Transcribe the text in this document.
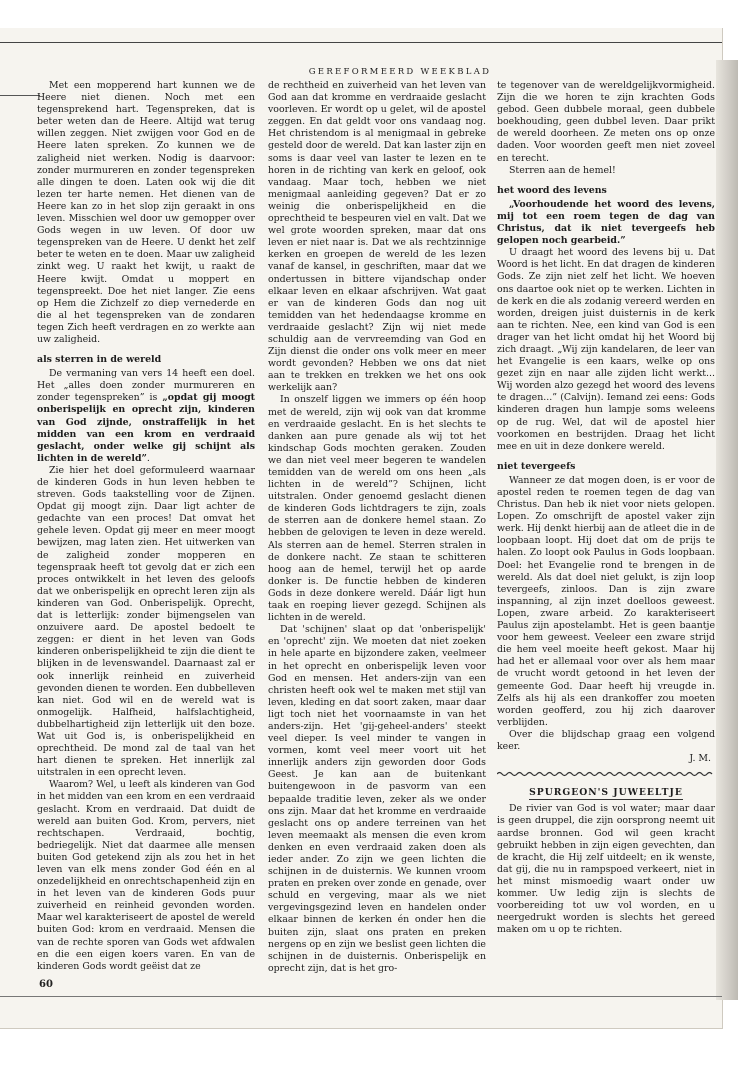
GEREFORMEERD WEEKBLAD

Met een mopperend hart kunnen we de Heere niet dienen. Noch met een tegensprekend hart. Tegenspreken, dat is beter weten dan de Heere. Altijd wat terug willen zeggen. Niet zwijgen voor God en de Heere laten spreken. Zo kunnen we de zaligheid niet werken. Nodig is daarvoor: zonder murmureren en zonder tegenspreken alle dingen te doen. Laten ook wij die dit lezen ter harte nemen. Het dienen van de Heere kan zo in het slop zijn geraakt in ons leven. Misschien wel door uw gemopper over Gods wegen in uw leven. Of door uw tegenspreken van de Heere. U denkt het zelf beter te weten en te doen. Maar uw zaligheid zinkt weg. U raakt het kwijt, u raakt de Heere kwijt. Omdat u moppert en tegenspreekt. Doe het niet langer. Zie eens op Hem die Zichzelf zo diep vernederde en die al het tegenspreken van de zondaren tegen Zich heeft verdragen en zo werkte aan uw zaligheid.

als sterren in de wereld

De vermaning van vers 14 heeft een doel. Het „alles doen zonder murmureren en zonder tegenspreken” is „opdat gij moogt onberispelijk en oprecht zijn, kinderen van God zijnde, onstraffelijk in het midden van een krom en verdraaid geslacht, onder welke gij schijnt als lichten in de wereld”.

Zie hier het doel geformuleerd waarnaar de kinderen Gods in hun leven hebben te streven. Gods taakstelling voor de Zijnen. Opdat gij moogt zijn. Daar ligt achter de gedachte van een proces! Dat omvat het gehele leven. Opdat gij meer en meer moogt bewijzen, mag laten zien. Het uitwerken van de zaligheid zonder mopperen en tegenspraak heeft tot gevolg dat er zich een proces ontwikkelt in het leven des geloofs dat we onberispelijk en oprecht leren zijn als kinderen van God. Onberispelijk. Oprecht, dat is letterlijk: zonder bijmengselen van onzuivere aard. De apostel bedoelt te zeggen: er dient in het leven van Gods kinderen onberispelijkheid te zijn die dient te blijken in de levenswandel. Daarnaast zal er ook innerlijk reinheid en zuiverheid gevonden dienen te worden. Een dubbelleven kan niet. God wil en de wereld wat is onmogelijk. Halfheid, halfslachtigheid, dubbelhartigheid zijn letterlijk uit den boze. Wat uit God is, is onberispelijkheid en oprechtheid. De mond zal de taal van het hart dienen te spreken. Het innerlijk zal uitstralen in een oprecht leven.

Waarom? Wel, u leeft als kinderen van God in het midden van een krom en een verdraaid geslacht. Krom en verdraaid. Dat duidt de wereld aan buiten God. Krom, pervers, niet rechtschapen. Verdraaid, bochtig, bedriegelijk. Niet dat daarmee alle mensen buiten God getekend zijn als zou het in het leven van elk mens zonder God één en al onzedelijkheid en onrechtschapenheid zijn en in het leven van de kinderen Gods puur zuiverheid en reinheid gevonden worden. Maar wel karakteriseert de apostel de wereld buiten God: krom en verdraaid. Mensen die van de rechte sporen van Gods wet afdwalen en die een eigen koers varen. En van de kinderen Gods wordt geëist dat ze

de rechtheid en zuiverheid van het leven van God aan dat kromme en verdraaide geslacht voorleven. Er wordt op u gelet, wil de apostel zeggen. En dat geldt voor ons vandaag nog. Het christendom is al menigmaal in gebreke gesteld door de wereld. Dat kan laster zijn en soms is daar veel van laster te lezen en te horen in de richting van kerk en geloof, ook vandaag. Maar toch, hebben we niet menigmaal aanleiding gegeven? Dat er zo weinig die onberispelijkheid en die oprechtheid te bespeuren viel en valt. Dat we wel grote woorden spreken, maar dat ons leven er niet naar is. Dat we als rechtzinnige kerken en groepen de wereld de les lezen vanaf de kansel, in geschriften, maar dat we ondertussen in bittere vijandschap onder elkaar leven en elkaar afschrijven. Wat gaat er van de kinderen Gods dan nog uit temidden van het hedendaagse kromme en verdraaide geslacht? Zijn wij niet mede schuldig aan de vervreemding van God en Zijn dienst die onder ons volk meer en meer wordt gevonden? Hebben we ons dat niet aan te trekken en trekken we het ons ook werkelijk aan?

In onszelf liggen we immers op één hoop met de wereld, zijn wij ook van dat kromme en verdraaide geslacht. En is het slechts te danken aan pure genade als wij tot het kindschap Gods mochten geraken. Zouden we dan niet veel meer begeren te wandelen temidden van de wereld om ons heen „als lichten in de wereld”? Schijnen, licht uitstralen. Onder genoemd geslacht dienen de kinderen Gods lichtdragers te zijn, zoals de sterren aan de donkere hemel staan. Zo hebben de gelovigen te leven in deze wereld. Als sterren aan de hemel. Sterren stralen in de donkere nacht. Ze staan te schitteren hoog aan de hemel, terwijl het op aarde donker is. De functie hebben de kinderen Gods in deze donkere wereld. Dáár ligt hun taak en roeping liever gezegd. Schijnen als lichten in de wereld.

Dat 'schijnen' slaat op dat 'onberispelijk' en 'oprecht' zijn. We moeten dat niet zoeken in hele aparte en bijzondere zaken, veelmeer in het oprecht en onberispelijk leven voor God en mensen. Het anders-zijn van een christen heeft ook wel te maken met stijl van leven, kleding en dat soort zaken, maar daar ligt toch niet het voornaamste in van het anders-zijn. Het 'gij-geheel-anders' steekt veel dieper. Is veel minder te vangen in vormen, komt veel meer voort uit het innerlijk anders zijn geworden door Gods Geest. Je kan aan de buitenkant buitengewoon in de pasvorm van een bepaalde traditie leven, zeker als we onder ons zijn. Maar dat het kromme en verdraaide geslacht ons op andere terreinen van het leven meemaakt als mensen die even krom denken en even verdraaid zaken doen als ieder ander. Zo zijn we geen lichten die schijnen in de duisternis. We kunnen vroom praten en preken over zonde en genade, over schuld en vergeving, maar als we niet vergevingsgezind leven en handelen onder elkaar binnen de kerken én onder hen die buiten zijn, slaat ons praten en preken nergens op en zijn we beslist geen lichten die schijnen in de duisternis. Onberispelijk en oprecht zijn, dat is het gro-

te tegenover van de wereldgelijkvormigheid. Zijn die we horen te zijn krachten Gods gebod. Geen dubbele moraal, geen dubbele boekhouding, geen dubbel leven. Daar prikt de wereld doorheen. Ze meten ons op onze daden. Voor woorden geeft men niet zoveel en terecht.

Sterren aan de hemel!

het woord des levens

„Voorhoudende het woord des levens, mij tot een roem tegen de dag van Christus, dat ik niet tevergeefs heb gelopen noch gearbeid.”

U draagt het woord des levens bij u. Dat Woord is het licht. En dat dragen de kinderen Gods. Ze zijn niet zelf het licht. We hoeven ons daartoe ook niet op te werken. Lichten in de kerk en die als zodanig vereerd werden en worden, dreigen juist duisternis in de kerk aan te richten. Nee, een kind van God is een drager van het licht omdat hij het Woord bij zich draagt. „Wij zijn kandelaren, de leer van het Evangelie is een kaars, welke op ons gezet zijn en naar alle zijden licht werkt... Wij worden alzo gezegd het woord des levens te dragen...” (Calvijn). Iemand zei eens: Gods kinderen dragen hun lampje soms weleens op de rug. Wel, dat wil de apostel hier voorkomen en bestrijden. Draag het licht mee en uit in deze donkere wereld.

niet tevergeefs

Wanneer ze dat mogen doen, is er voor de apostel reden te roemen tegen de dag van Christus. Dan heb ik niet voor niets gelopen. Lopen. Zo omschrijft de apostel vaker zijn werk. Hij denkt hierbij aan de atleet die in de loopbaan loopt. Hij doet dat om de prijs te halen. Zo loopt ook Paulus in Gods loopbaan. Doel: het Evangelie rond te brengen in de wereld. Als dat doel niet gelukt, is zijn loop tevergeefs, zinloos. Dan is zijn zware inspanning, al zijn inzet doelloos geweest. Lopen, zware arbeid. Zo karakteriseert Paulus zijn apostelambt. Het is geen baantje voor hem geweest. Veeleer een zware strijd die hem veel moeite heeft gekost. Maar hij had het er allemaal voor over als hem maar de vrucht wordt getoond in het leven der gemeente God. Daar heeft hij vreugde in. Zelfs als hij als een drankoffer zou moeten worden geofferd, zou hij zich daarover verblijden.

Over die blijdschap graag een volgend keer.

J. M.

SPURGEON'S JUWEELTJE

De rivier van God is vol water; maar daar is geen druppel, die zijn oorsprong neemt uit aardse bronnen. God wil geen kracht gebruikt hebben in zijn eigen gevechten, dan de kracht, die Hij zelf uitdeelt; en ik wenste, dat gij, die nu in rampspoed verkeert, niet in het minst mismoedig waart onder uw kommer. Uw ledig zijn is slechts de voorbereiding tot uw vol worden, en u neergedrukt worden is slechts het gereed maken om u op te richten.

60
